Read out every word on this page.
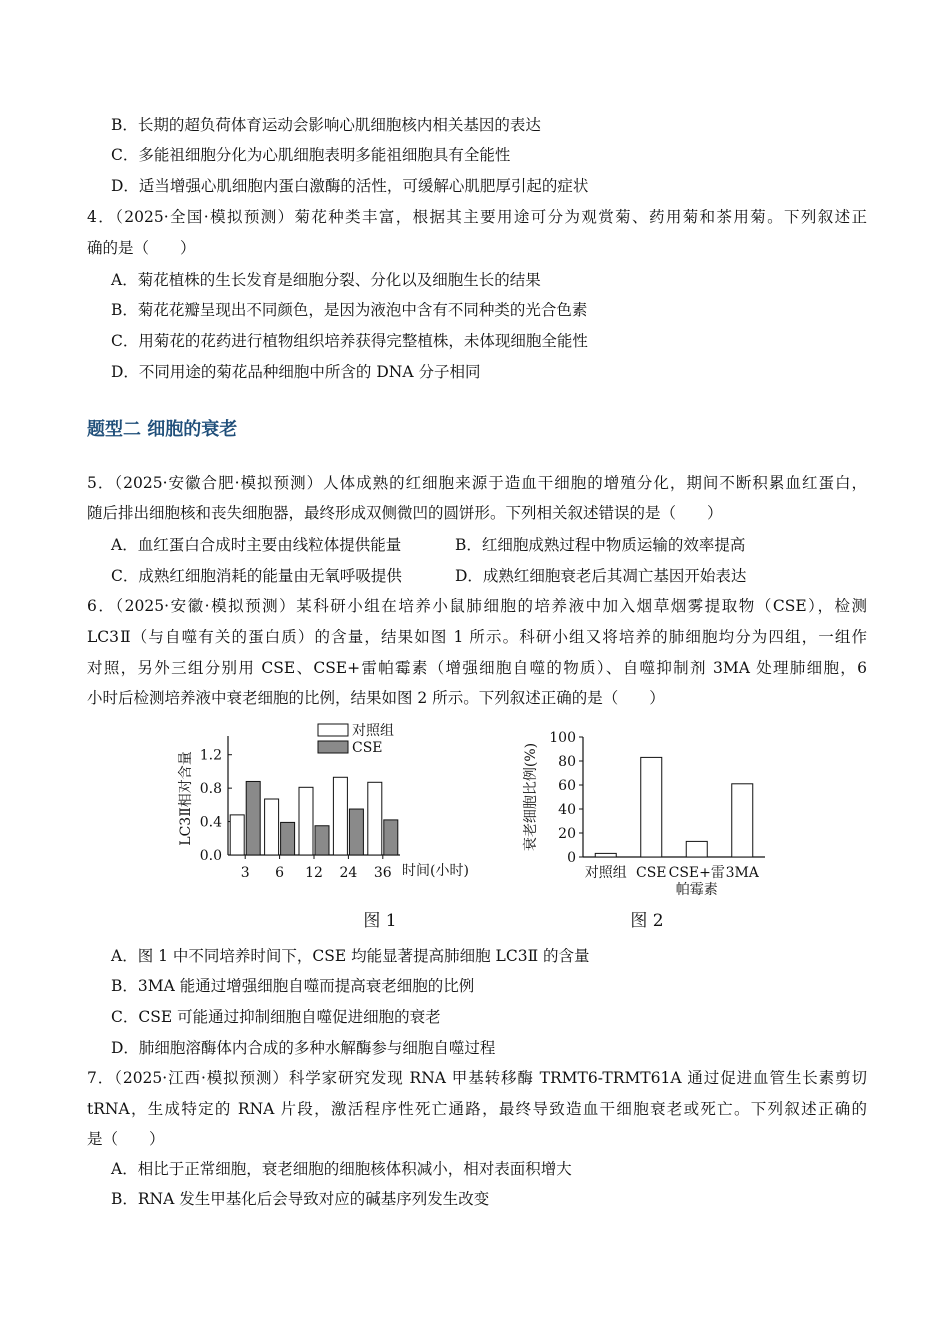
B．长期的超负荷体育运动会影响心肌细胞核内相关基因的表达
C．多能祖细胞分化为心肌细胞表明多能祖细胞具有全能性
D．适当增强心肌细胞内蛋白激酶的活性，可缓解心肌肥厚引起的症状
4．（2025·全国·模拟预测）菊花种类丰富，根据其主要用途可分为观赏菊、药用菊和茶用菊。下列叙述正
确的是（　　）
A．菊花植株的生长发育是细胞分裂、分化以及细胞生长的结果
B．菊花花瓣呈现出不同颜色，是因为液泡中含有不同种类的光合色素
C．用菊花的花药进行植物组织培养获得完整植株，未体现细胞全能性
D．不同用途的菊花品种细胞中所含的 DNA 分子相同
题型二 细胞的衰老
5．（2025·安徽合肥·模拟预测）人体成熟的红细胞来源于造血干细胞的增殖分化，期间不断积累血红蛋白，
随后排出细胞核和丧失细胞器，最终形成双侧微凹的圆饼形。下列相关叙述错误的是（　　）
A．血红蛋白合成时主要由线粒体提供能量	B．红细胞成熟过程中物质运输的效率提高
C．成熟红细胞消耗的能量由无氧呼吸提供	D．成熟红细胞衰老后其凋亡基因开始表达
6．（2025·安徽·模拟预测）某科研小组在培养小鼠肺细胞的培养液中加入烟草烟雾提取物（CSE），检测
LC3Ⅱ（与自噬有关的蛋白质）的含量，结果如图 1 所示。科研小组又将培养的肺细胞均分为四组，一组作
对照，另外三组分别用 CSE、CSE+雷帕霉素（增强细胞自噬的物质）、自噬抑制剂 3MA 处理肺细胞，6
小时后检测培养液中衰老细胞的比例，结果如图 2 所示。下列叙述正确的是（　　）
0.0
0.4
0.8
1.2
3 6 12 24 36 时间(小时)
LC3Ⅱ相对含量
对照组
CSE
图 1
0
20
40
60
80
100
对照组 CSE CSE+雷帕霉素
3MA
衰老细胞比例(%)
图 2
A．图 1 中不同培养时间下，CSE 均能显著提高肺细胞 LC3Ⅱ 的含量
B．3MA 能通过增强细胞自噬而提高衰老细胞的比例
C．CSE 可能通过抑制细胞自噬促进细胞的衰老
D．肺细胞溶酶体内合成的多种水解酶参与细胞自噬过程
7．（2025·江西·模拟预测）科学家研究发现 RNA 甲基转移酶 TRMT6-TRMT61A 通过促进血管生长素剪切
tRNA，生成特定的 RNA 片段，激活程序性死亡通路，最终导致造血干细胞衰老或死亡。下列叙述正确的
是（　　）
A．相比于正常细胞，衰老细胞的细胞核体积减小，相对表面积增大
B．RNA 发生甲基化后会导致对应的碱基序列发生改变
